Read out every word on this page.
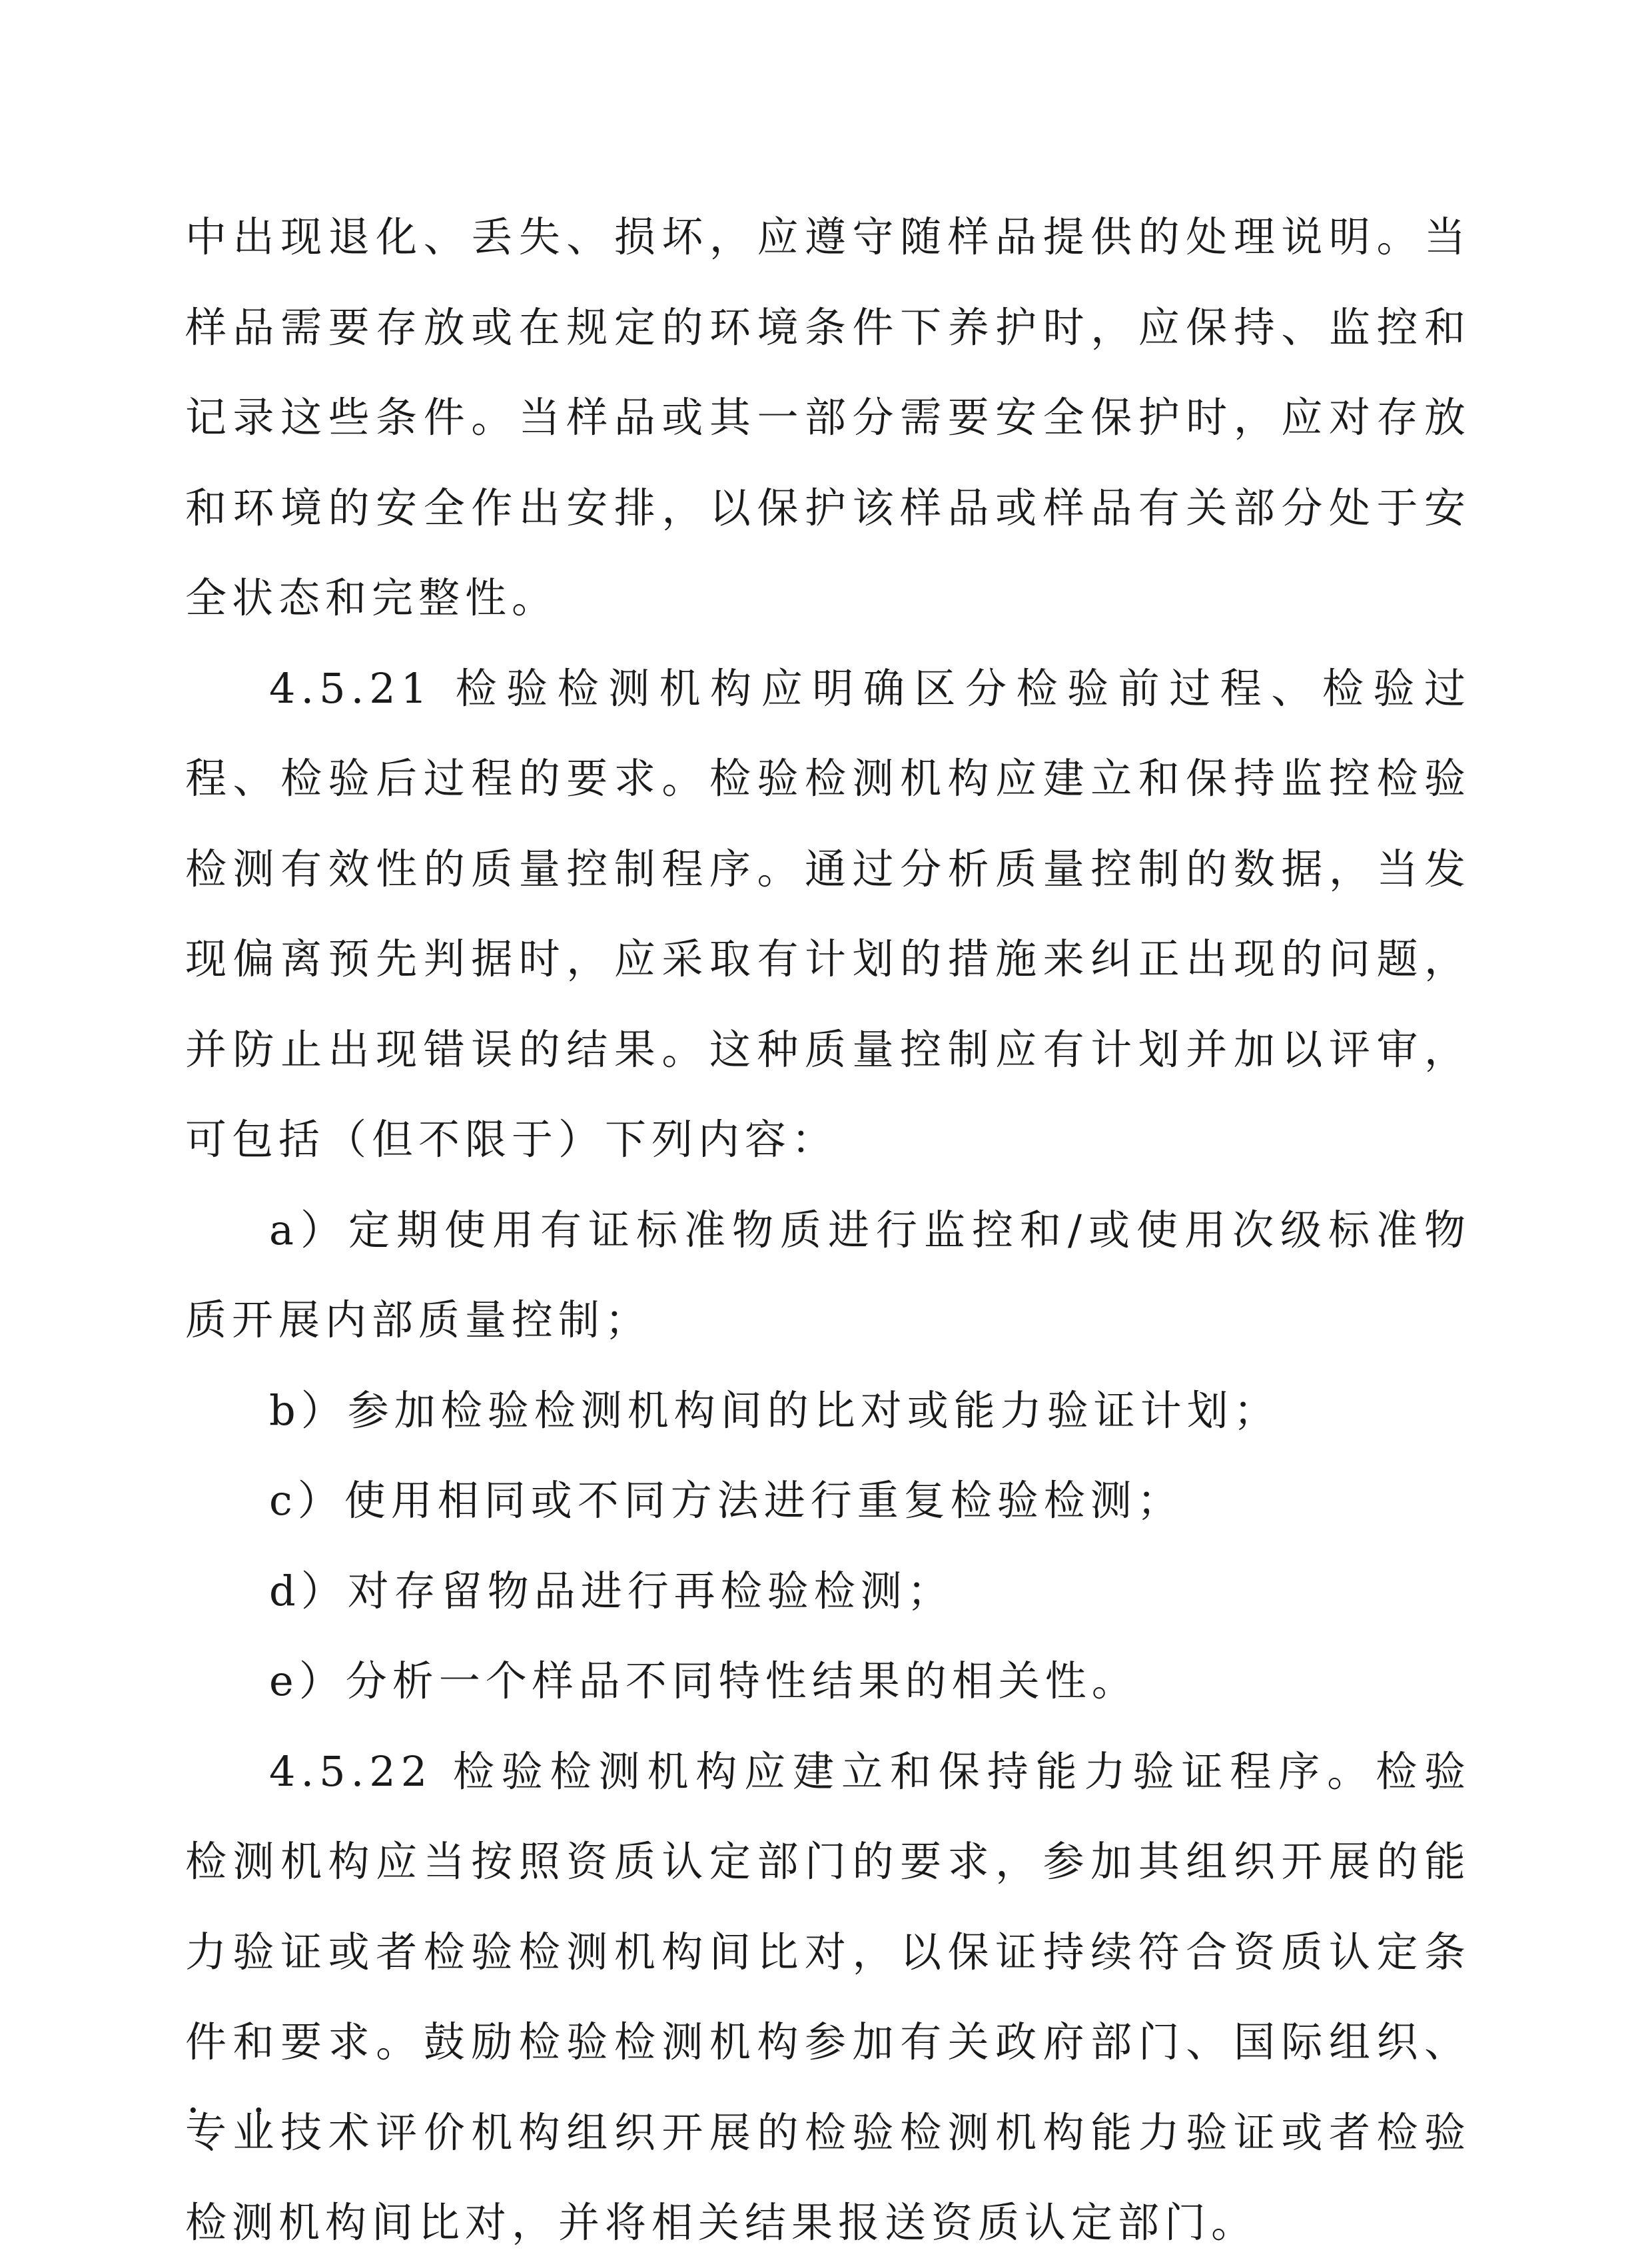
中出现退化、丢失、损坏，应遵守随样品提供的处理说明。当样品需要存放或在规定的环境条件下养护时，应保持、监控和记录这些条件。当样品或其一部分需要安全保护时，应对存放和环境的安全作出安排，以保护该样品或样品有关部分处于安全状态和完整性。

4.5.21 检验检测机构应明确区分检验前过程、检验过程、检验后过程的要求。检验检测机构应建立和保持监控检验检测有效性的质量控制程序。通过分析质量控制的数据，当发现偏离预先判据时，应采取有计划的措施来纠正出现的问题，并防止出现错误的结果。这种质量控制应有计划并加以评审，可包括（但不限于）下列内容：

a）定期使用有证标准物质进行监控和/或使用次级标准物质开展内部质量控制；

b）参加检验检测机构间的比对或能力验证计划；

c）使用相同或不同方法进行重复检验检测；

d）对存留物品进行再检验检测；

e）分析一个样品不同特性结果的相关性。

4.5.22 检验检测机构应建立和保持能力验证程序。检验检测机构应当按照资质认定部门的要求，参加其组织开展的能力验证或者检验检测机构间比对，以保证持续符合资质认定条件和要求。鼓励检验检测机构参加有关政府部门、国际组织、专业技术评价机构组织开展的检验检测机构能力验证或者检验检测机构间比对，并将相关结果报送资质认定部门。

.    .
